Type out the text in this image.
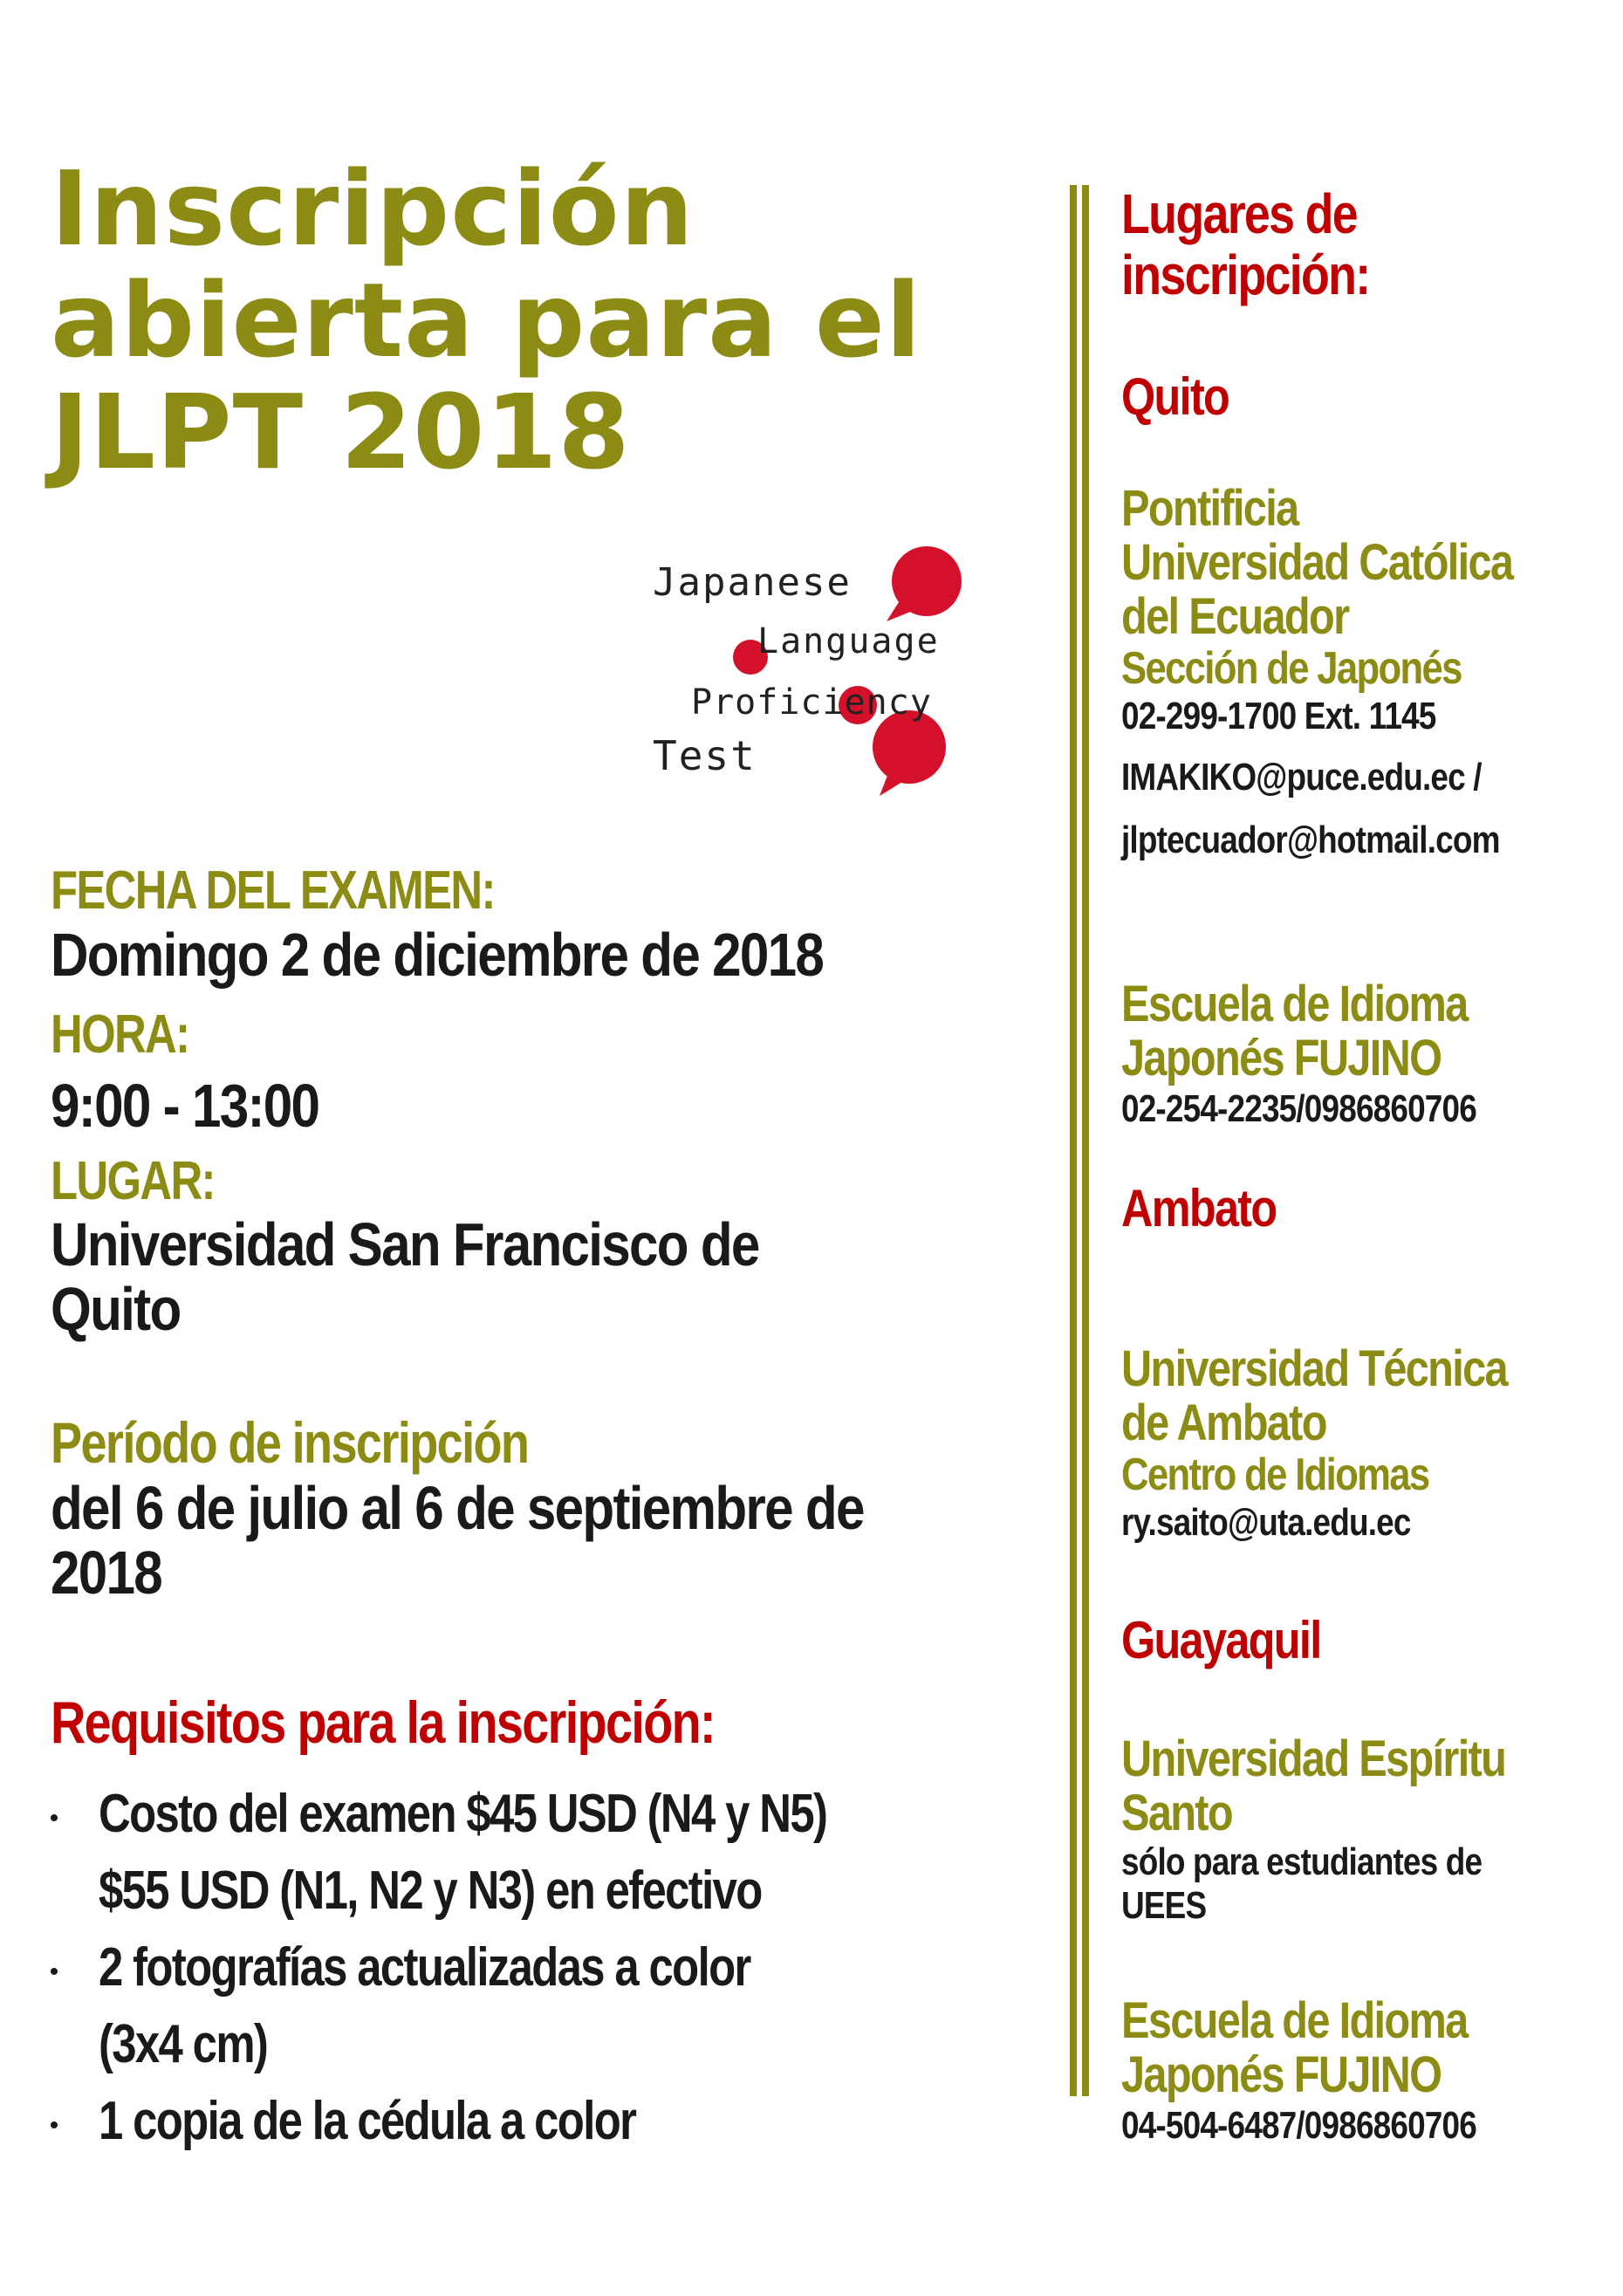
Inscripción
abierta para el
JLPT 2018
Japanese
Language
Proficiency
Test
FECHA DEL EXAMEN:
Domingo 2 de diciembre de 2018
HORA:
9:00 - 13:00
LUGAR:
Universidad San Francisco de
Quito
Período de inscripción
del 6 de julio al 6 de septiembre de
2018
Requisitos para la inscripción:
Costo del examen $45 USD (N4 y N5)
$55 USD (N1, N2 y N3) en efectivo
2 fotografías actualizadas a color
(3x4 cm)
1 copia de la cédula a color
Lugares de
inscripción:
Quito
Pontificia
Universidad Católica
del Ecuador
Sección de Japonés
02-299-1700 Ext. 1145
IMAKIKO@puce.edu.ec /
jlptecuador@hotmail.com
Escuela de Idioma
Japonés FUJINO
02-254-2235/0986860706
Ambato
Universidad Técnica
de Ambato
Centro de Idiomas
ry.saito@uta.edu.ec
Guayaquil
Universidad Espíritu
Santo
sólo para estudiantes de
UEES
Escuela de Idioma
Japonés FUJINO
04-504-6487/0986860706
